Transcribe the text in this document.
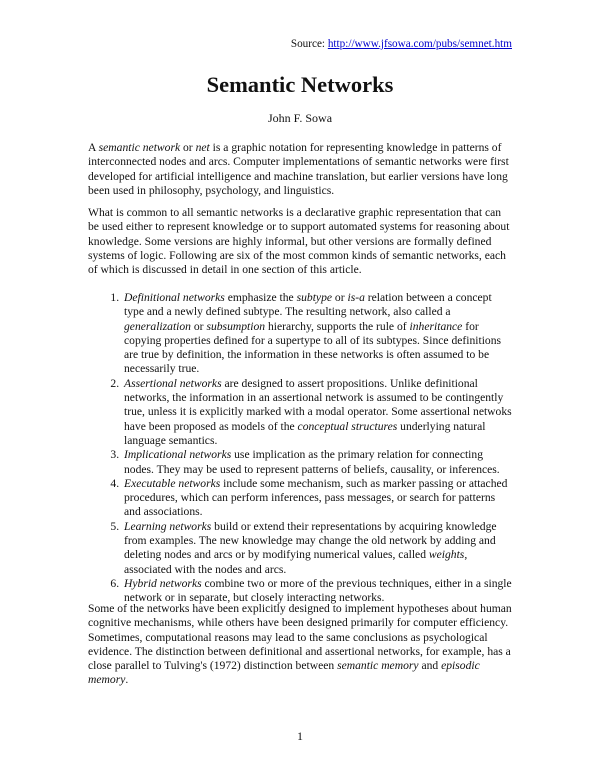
Source: http://www.jfsowa.com/pubs/semnet.htm
Semantic Networks
John F. Sowa

A semantic network or net is a graphic notation for representing knowledge in patterns of interconnected nodes and arcs. Computer implementations of semantic networks were first developed for artificial intelligence and machine translation, but earlier versions have long been used in philosophy, psychology, and linguistics.

What is common to all semantic networks is a declarative graphic representation that can be used either to represent knowledge or to support automated systems for reasoning about knowledge. Some versions are highly informal, but other versions are formally defined systems of logic. Following are six of the most common kinds of semantic networks, each of which is discussed in detail in one section of this article.

1. Definitional networks emphasize the subtype or is-a relation between a concept type and a newly defined subtype. The resulting network, also called a generalization or subsumption hierarchy, supports the rule of inheritance for copying properties defined for a supertype to all of its subtypes. Since definitions are true by definition, the information in these networks is often assumed to be necessarily true.
2. Assertional networks are designed to assert propositions. Unlike definitional networks, the information in an assertional network is assumed to be contingently true, unless it is explicitly marked with a modal operator. Some assertional netwoks have been proposed as models of the conceptual structures underlying natural language semantics.
3. Implicational networks use implication as the primary relation for connecting nodes. They may be used to represent patterns of beliefs, causality, or inferences.
4. Executable networks include some mechanism, such as marker passing or attached procedures, which can perform inferences, pass messages, or search for patterns and associations.
5. Learning networks build or extend their representations by acquiring knowledge from examples. The new knowledge may change the old network by adding and deleting nodes and arcs or by modifying numerical values, called weights, associated with the nodes and arcs.
6. Hybrid networks combine two or more of the previous techniques, either in a single network or in separate, but closely interacting networks.

Some of the networks have been explicitly designed to implement hypotheses about human cognitive mechanisms, while others have been designed primarily for computer efficiency. Sometimes, computational reasons may lead to the same conclusions as psychological evidence. The distinction between definitional and assertional networks, for example, has a close parallel to Tulving's (1972) distinction between semantic memory and episodic memory.

1
